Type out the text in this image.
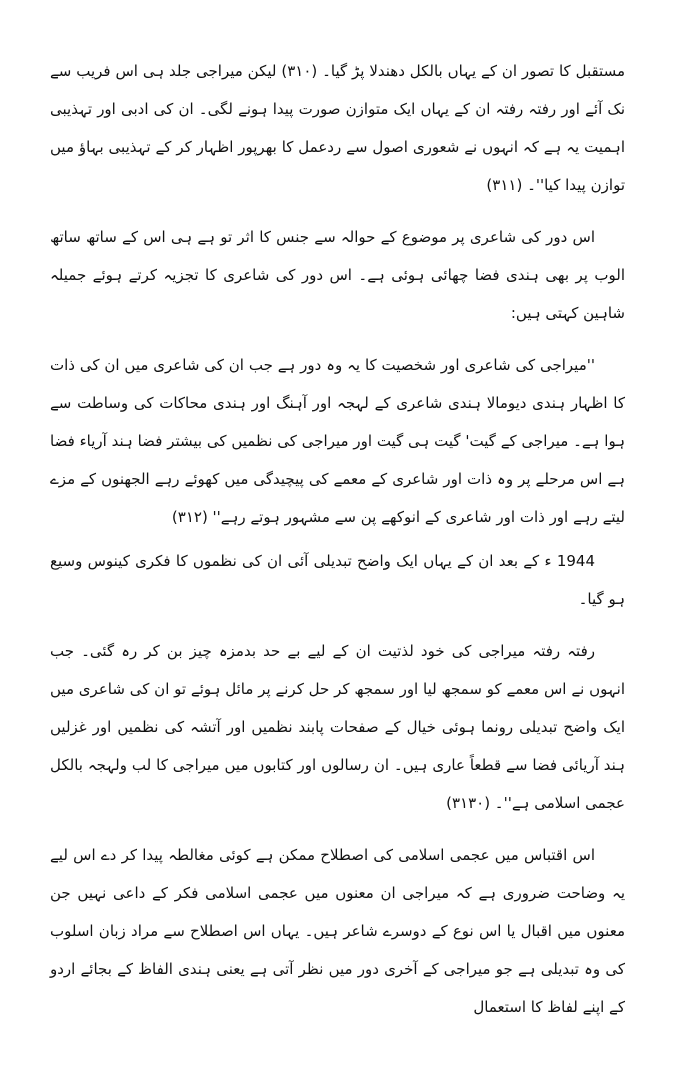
مستقبل کا تصور ان کے یہاں بالکل دھندلا پڑ گیا۔ (۳۱۰) لیکن میراجی جلد ہی اس فریب سے نک آئے اور رفتہ رفتہ ان کے یہاں ایک متوازن صورت پیدا ہونے لگی۔ ان کی ادبی اور تہذیبی اہمیت یہ ہے کہ انہوں نے شعوری اصول سے ردعمل کا بھرپور اظہار کر کے تہذیبی بہاؤ میں توازن پیدا کیا''۔ (۳۱۱)

اس دور کی شاعری پر موضوع کے حوالہ سے جنس کا اثر تو ہے ہی اس کے ساتھ ساتھ الوب پر بھی ہندی فضا چھائی ہوئی ہے۔ اس دور کی شاعری کا تجزیہ کرتے ہوئے جمیلہ شاہین کہتی ہیں:

''میراجی کی شاعری اور شخصیت کا یہ وہ دور ہے جب ان کی شاعری میں ان کی ذات کا اظہار ہندی دیومالا ہندی شاعری کے لہجہ اور آہنگ اور ہندی محاکات کی وساطت سے ہوا ہے۔ میراجی کے گیت' گیت ہی گیت اور میراجی کی نظمیں کی بیشتر فضا ہند آریاء فضا ہے اس مرحلے پر وہ ذات اور شاعری کے معمے کی پیچیدگی میں کھوئے رہے الجھنوں کے مزے لیتے رہے اور ذات اور شاعری کے انوکھے پن سے مشہور ہوتے رہے'' (۳۱۲)

1944 ء کے بعد ان کے یہاں ایک واضح تبدیلی آئی ان کی نظموں کا فکری کینوس وسیع ہو گیا۔

رفتہ رفتہ میراجی کی خود لذتیت ان کے لیے بے حد بدمزہ چیز بن کر رہ گئی۔ جب انہوں نے اس معمے کو سمجھ لیا اور سمجھ کر حل کرنے پر مائل ہوئے تو ان کی شاعری میں ایک واضح تبدیلی رونما ہوئی خیال کے صفحات پابند نظمیں اور آتشہ کی نظمیں اور غزلیں ہند آریائی فضا سے قطعاً عاری ہیں۔ ان رسالوں اور کتابوں میں میراجی کا لب ولہجہ بالکل عجمی اسلامی ہے''۔ (۳۱۳۰)

اس اقتباس میں عجمی اسلامی کی اصطلاح ممکن ہے کوئی مغالطہ پیدا کر دے اس لیے یہ وضاحت ضروری ہے کہ میراجی ان معنوں میں عجمی اسلامی فکر کے داعی نہیں جن معنوں میں اقبال یا اس نوع کے دوسرے شاعر ہیں۔ یہاں اس اصطلاح سے مراد زبان اسلوب کی وہ تبدیلی ہے جو میراجی کے آخری دور میں نظر آتی ہے یعنی ہندی الفاظ کے بجائے اردو کے اپنے لفاظ کا استعمال
